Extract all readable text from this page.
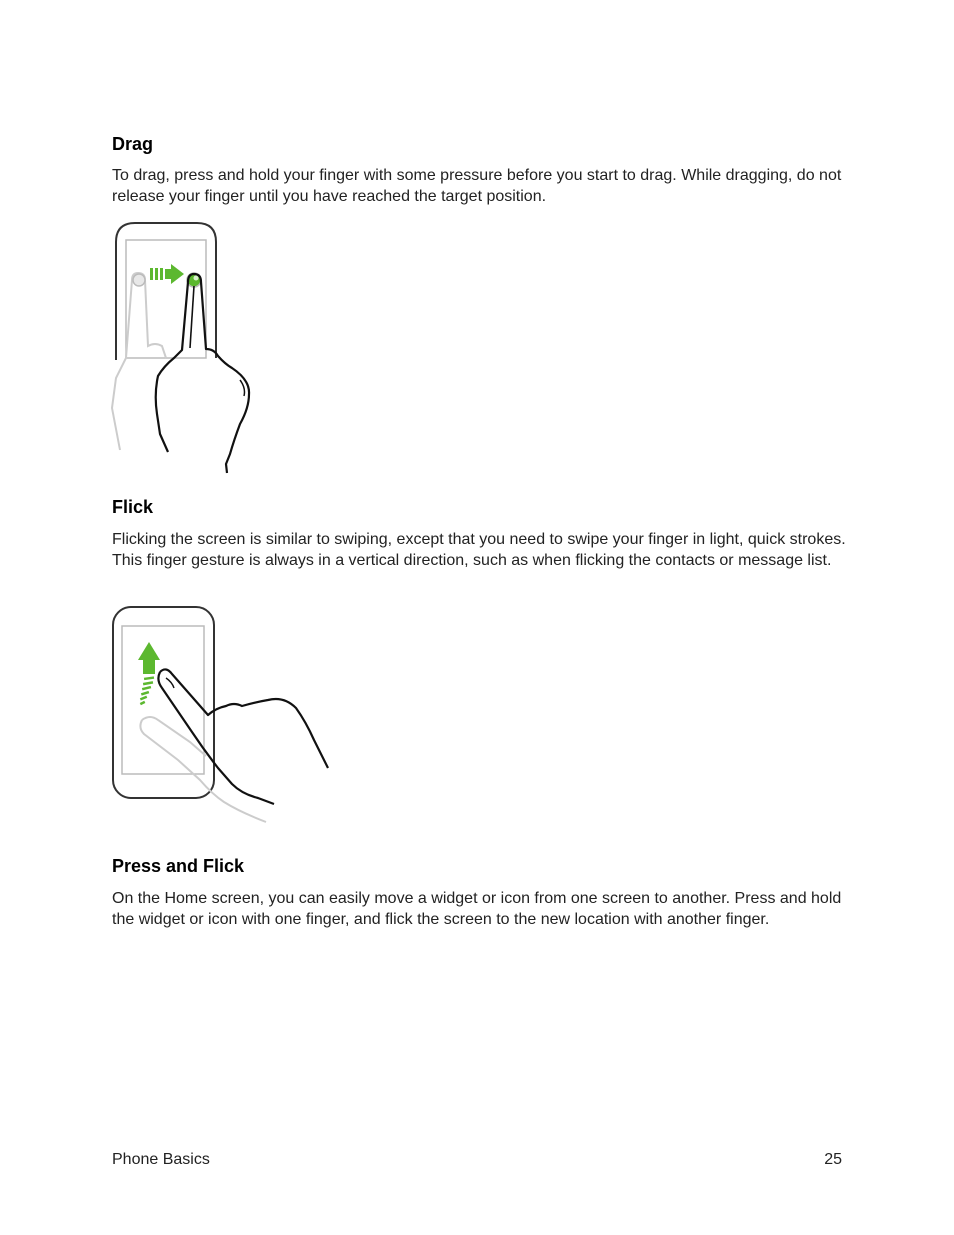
Drag

To drag, press and hold your finger with some pressure before you start to drag. While dragging, do not release your finger until you have reached the target position.

Flick

Flicking the screen is similar to swiping, except that you need to swipe your finger in light, quick strokes. This finger gesture is always in a vertical direction, such as when flicking the contacts or message list.

Press and Flick

On the Home screen, you can easily move a widget or icon from one screen to another. Press and hold the widget or icon with one finger, and flick the screen to the new location with another finger.

Phone Basics	25
